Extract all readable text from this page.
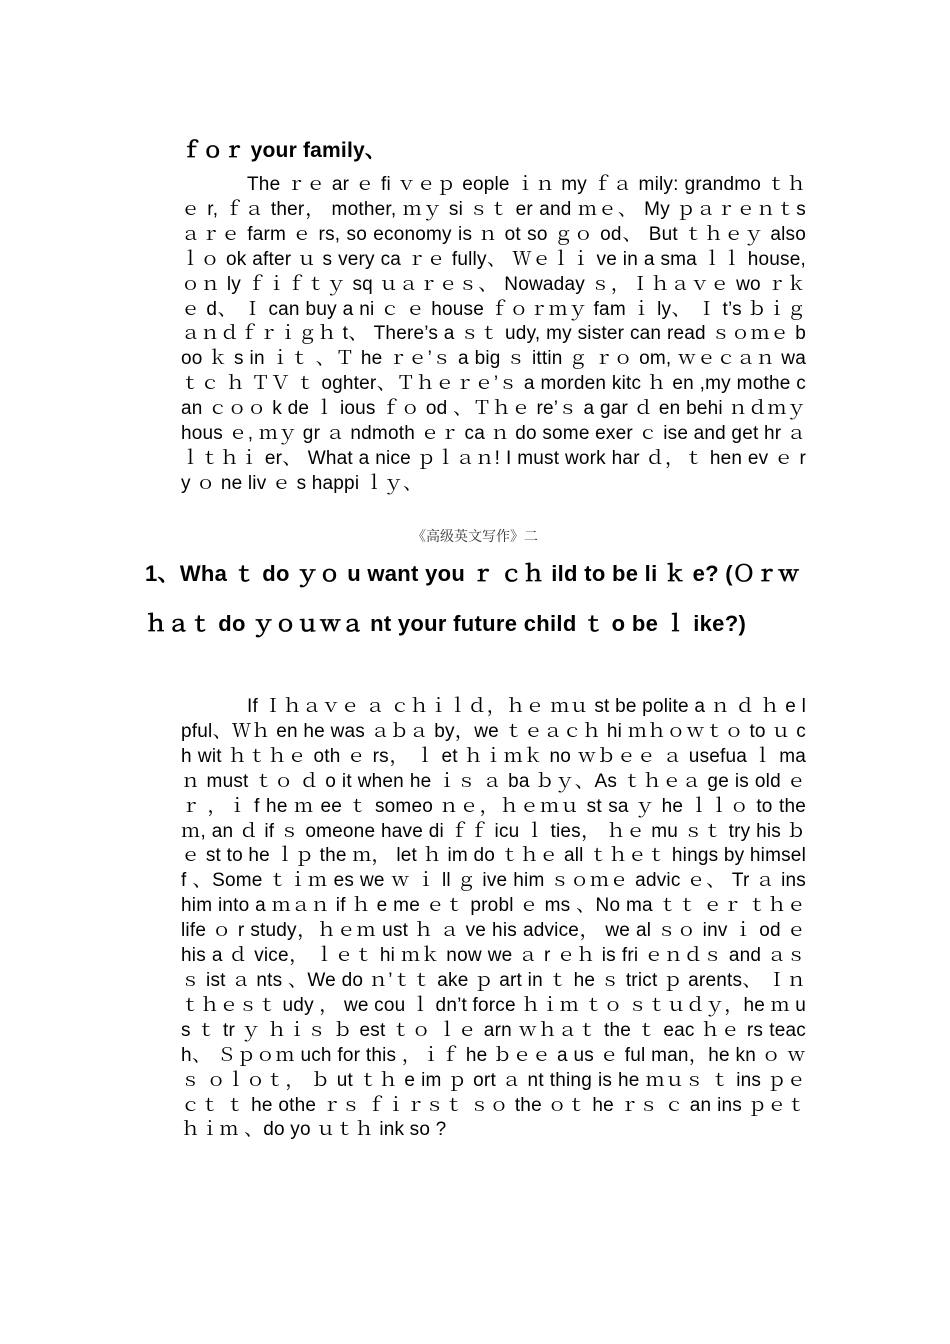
ｆｏｒ your family、
The ｒｅ ar ｅ fi ｖｅｐ eople ｉｎ my ｆａ mily: grandmo ｔｈｅ r, ｆａ ther， mother, ｍｙ si ｓｔ er and ｍｅ、 My ｐａｒｅｎｔs ａｒｅ farm ｅ rs, so economy is ｎ ot so ｇｏ od、 But ｔｈｅｙ also ｌｏ ok after ｕ s very ca ｒｅ fully、 Ｗｅｌｉ ve in a sma ｌｌ house, ｏｎ ly ｆｉｆｔｙ sq ｕａｒｅｓ、 Nowaday ｓ，Ｉｈａｖｅ wo ｒｋｅ d、 Ｉ can buy a ni ｃ ｅ house ｆｏｒｍｙ fam ｉ ly、 Ｉ t’s ｂｉｇａｎｄｆｒｉｇｈ t、 There’s a ｓｔ udy, my sister can read ｓｏｍｅ boo ｋ s in ｉｔ 、Ｔ he ｒｅ’ｓ a big ｓ ittin ｇ ｒｏ om, ｗｅｃａｎ wa ｔｃ ｈ ＴＶ ｔ oghter、Ｔｈｅｒｅ’ｓ a morden kitc ｈ en ,my mothe can ｃｏｏ k de ｌ ious ｆｏ od 、Ｔｈｅ re’ｓ a gar ｄ en behi ｎｄｍｙ hous ｅ, ｍｙ gr ａ ndmoth ｅｒ ca ｎ do some exer ｃ ise and get hr ａｌｔｈｉ er、 What a nice ｐｌａｎ! I must work har ｄ，ｔ hen ev ｅ ry ｏ ne liv ｅ s happi ｌｙ、
《高级英文写作》二
1、Wha ｔ do ｙｏ u want you ｒ ｃｈ ild to be li ｋ e? (Ｏｒｗｈａｔ do ｙｏｕｗａ nt your future child ｔ o be ｌ ike?)
If Ｉｈａｖｅ ａ ｃｈｉｌｄ，ｈｅ ｍｕ st be polite a ｎ ｄ ｈ e lpful、Ｗｈ en he was ａｂａ by，we ｔｅａｃｈ hi ｍｈｏｗｔｏ to ｕ ch wit ｈｔｈｅ oth ｅ rs， ｌ et ｈｉｍｋ no ｗｂｅｅ ａ usefua ｌ ma ｎ must ｔｏ ｄ o it when he ｉｓ ａ ba ｂｙ、As ｔｈｅａ ge is old ｅｒ ，ｉ f he ｍ ee ｔ someo ｎｅ，ｈｅｍｕ st sa ｙ he ｌｌｏ to the ｍ, an ｄ if ｓ omeone have di ｆｆ icu ｌ ties， ｈｅ mu ｓｔ try his ｂ ｅ st to he ｌｐ the ｍ， let ｈ im do ｔｈｅ all ｔｈｅｔ hings by himself 、Some ｔｉｍ es we ｗ ｉ ll ｇ ive him ｓｏｍｅ advic ｅ、 Tr ａ ins him into a ｍａｎ if ｈ e me ｅｔ probl ｅ ms 、No ma ｔｔ ｅｒ ｔｈｅ life ｏ r study，ｈｅｍ ust ｈ ａ ve his advice， we al ｓｏ inv ｉ od ｅ his a ｄ vice， ｌｅｔ hi ｍｋ now we ａ r ｅｈ is fri ｅｎｄｓ and ａｓｓ ist ａ nts 、We do ｎ’ｔｔ ake ｐ art in ｔ he ｓ trict ｐ arents、 Ｉｎ ｔｈｅｓｔ udy ， we cou ｌ dn’t force ｈｉｍ ｔｏ ｓｔｕｄｙ，he ｍ us ｔ tr ｙ ｈｉｓ ｂ est ｔｏ ｌｅ arn ｗｈａｔ the ｔ eac ｈｅ rs teach、 Ｓｐｏｍ uch for this ，ｉｆ he ｂｅｅ a us ｅ ful man，he kn ｏ ｗｓ ｏｌｏｔ， ｂ ut ｔｈ e im ｐ ort ａ nt thing is he ｍｕｓ ｔ ins ｐｅｃｔ ｔ he othe ｒｓ ｆｉｒｓｔ ｓｏ the ｏｔ he ｒｓ ｃ an ins ｐｅｔｈｉｍ 、do yo ｕｔｈ ink so ?
